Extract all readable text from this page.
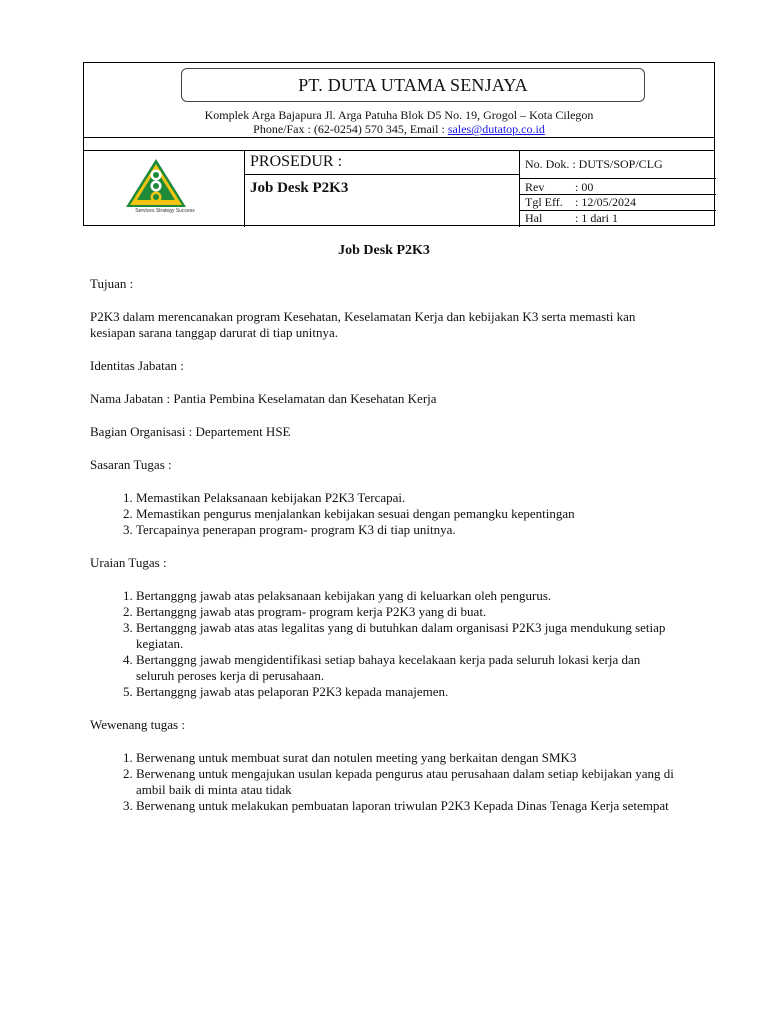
PT. DUTA UTAMA SENJAYA
Komplek Arga Bajapura Jl. Arga Patuha Blok D5 No. 19, Grogol – Kota Cilegon
Phone/Fax : (62-0254) 570 345, Email : sales@dutatop.co.id
Services Strategy Success
PROSEDUR :
Job Desk P2K3
No. Dok. : DUTS/SOP/CLG
Rev	: 00
Tgl Eff. : 12/05/2024
Hal	: 1 dari 1
Job Desk P2K3

Tujuan :

P2K3 dalam merencanakan program Kesehatan, Keselamatan Kerja dan kebijakan K3 serta memasti kan kesiapan sarana tanggap darurat di tiap unitnya.

Identitas Jabatan :

Nama Jabatan : Pantia Pembina Keselamatan dan Kesehatan Kerja

Bagian Organisasi : Departement HSE

Sasaran Tugas :

1. Memastikan Pelaksanaan kebijakan P2K3 Tercapai.
2. Memastikan pengurus menjalankan kebijakan sesuai dengan pemangku kepentingan
3. Tercapainya penerapan program- program K3 di tiap unitnya.

Uraian Tugas :

1. Bertanggng jawab atas pelaksanaan kebijakan yang di keluarkan oleh pengurus.
2. Bertanggng jawab atas program- program kerja P2K3 yang di buat.
3. Bertanggng jawab atas atas legalitas yang di butuhkan dalam organisasi P2K3 juga mendukung setiap kegiatan.
4. Bertanggng jawab mengidentifikasi setiap bahaya kecelakaan kerja pada seluruh lokasi kerja dan seluruh peroses kerja di perusahaan.
5. Bertanggng jawab atas pelaporan P2K3 kepada manajemen.

Wewenang tugas :

1. Berwenang untuk membuat surat dan notulen meeting yang berkaitan dengan SMK3
2. Berwenang untuk mengajukan usulan kepada pengurus atau perusahaan dalam setiap kebijakan yang di ambil baik di minta atau tidak
3. Berwenang untuk melakukan pembuatan laporan triwulan P2K3 Kepada Dinas Tenaga Kerja setempat
